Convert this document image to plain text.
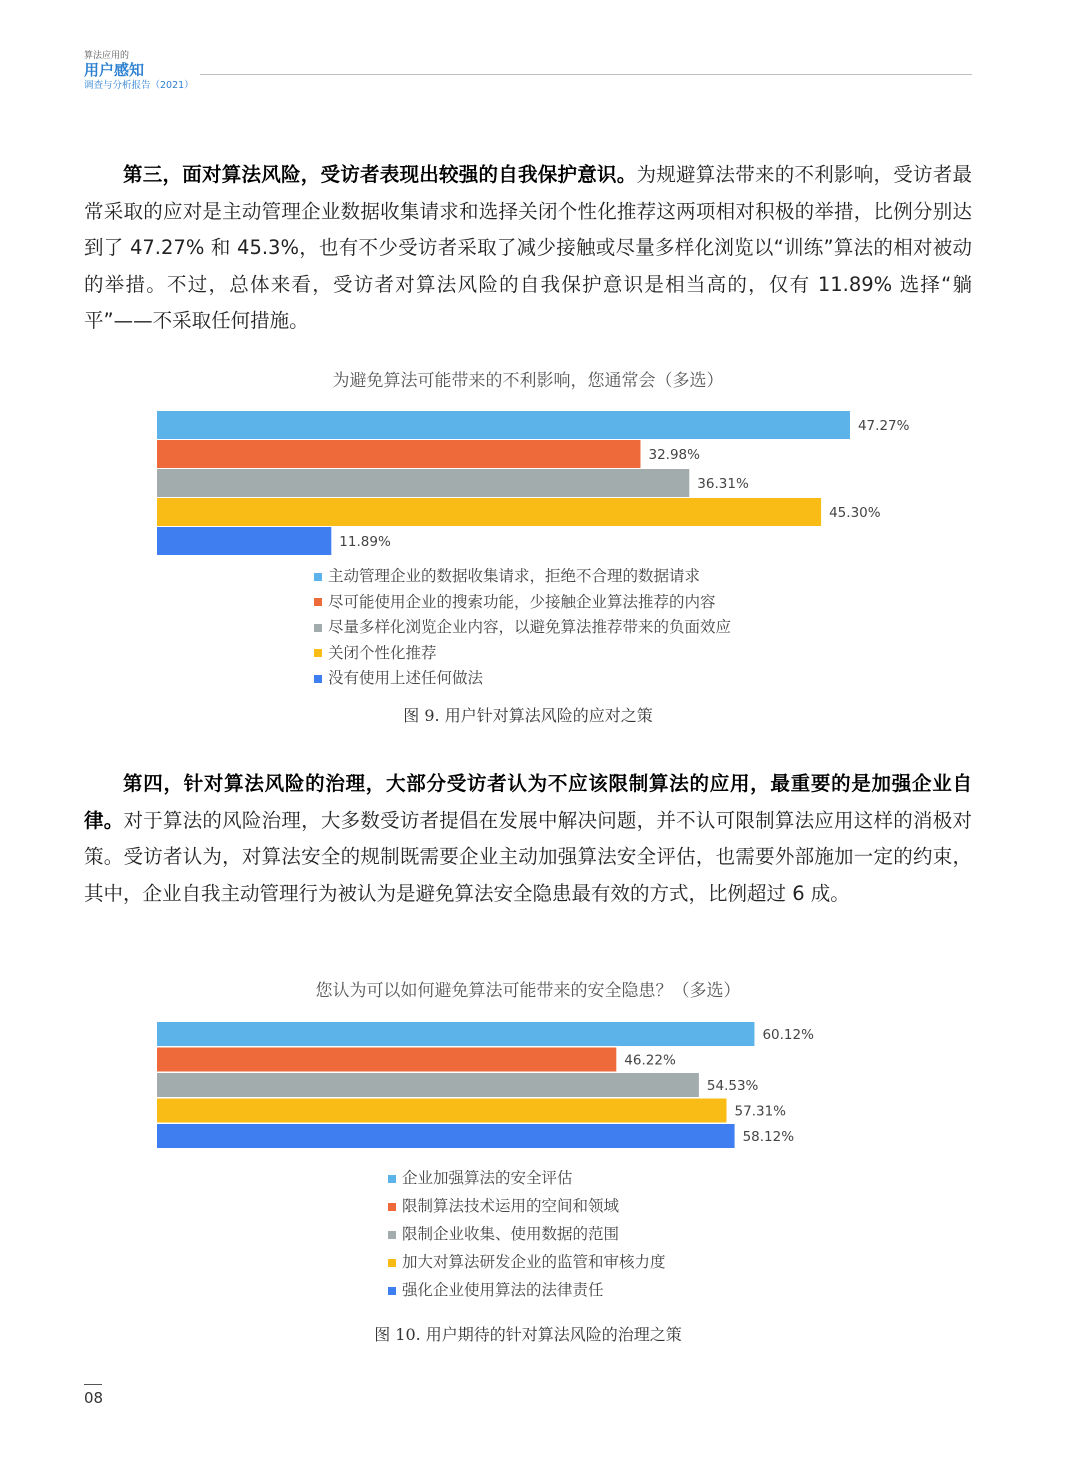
算法应用的
用户感知
调查与分析报告（2021）

第三，面对算法风险，受访者表现出较强的自我保护意识。为规避算法带来的不利影响，受访者最常采取的应对是主动管理企业数据收集请求和选择关闭个性化推荐这两项相对积极的举措，比例分别达到了 47.27% 和 45.3%，也有不少受访者采取了减少接触或尽量多样化浏览以“训练”算法的相对被动的举措。不过，总体来看，受访者对算法风险的自我保护意识是相当高的，仅有 11.89% 选择“躺平”——不采取任何措施。

为避免算法可能带来的不利影响，您通常会（多选）
47.27%
32.98%
36.31%
45.30%
11.89%
主动管理企业的数据收集请求，拒绝不合理的数据请求
尽可能使用企业的搜索功能，少接触企业算法推荐的内容
尽量多样化浏览企业内容，以避免算法推荐带来的负面效应
关闭个性化推荐
没有使用上述任何做法
图 9. 用户针对算法风险的应对之策

第四，针对算法风险的治理，大部分受访者认为不应该限制算法的应用，最重要的是加强企业自律。对于算法的风险治理，大多数受访者提倡在发展中解决问题，并不认可限制算法应用这样的消极对策。受访者认为，对算法安全的规制既需要企业主动加强算法安全评估，也需要外部施加一定的约束，其中，企业自我主动管理行为被认为是避免算法安全隐患最有效的方式，比例超过 6 成。

您认为可以如何避免算法可能带来的安全隐患？（多选）
60.12%
46.22%
54.53%
57.31%
58.12%
企业加强算法的安全评估
限制算法技术运用的空间和领域
限制企业收集、使用数据的范围
加大对算法研发企业的监管和审核力度
强化企业使用算法的法律责任
图 10. 用户期待的针对算法风险的治理之策
08
